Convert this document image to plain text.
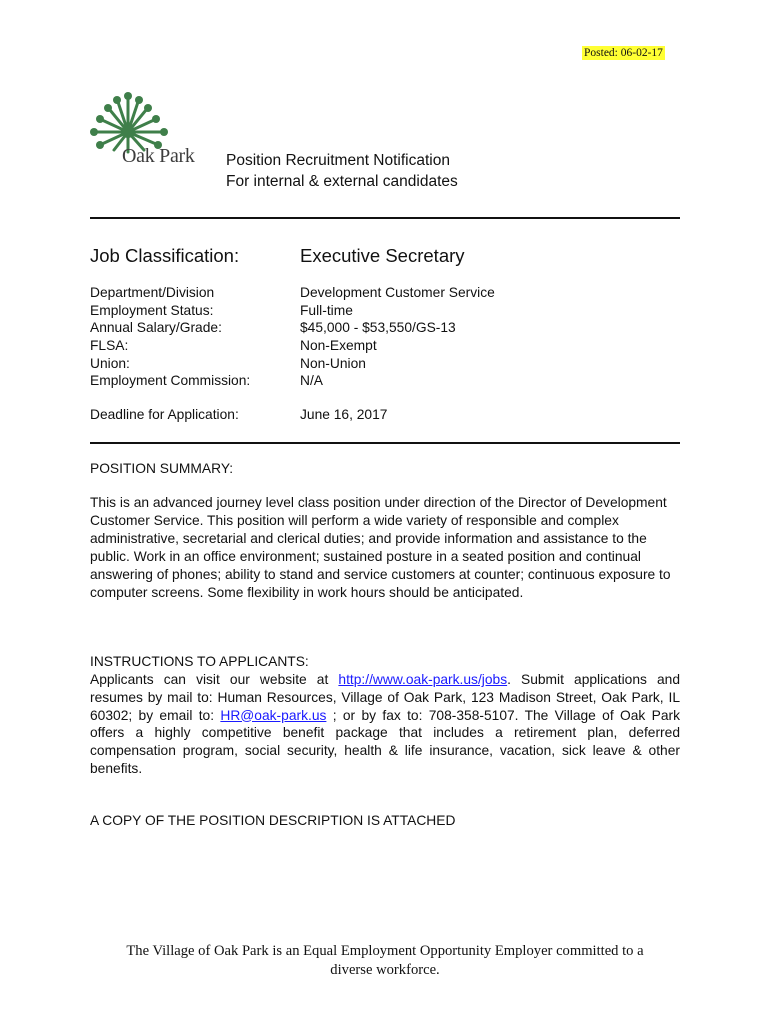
Posted: 06-02-17
Oak Park Position Recruitment Notification
For internal & external candidates
Job Classification:	Executive Secretary
Department/Division	Development Customer Service
Employment Status:	Full-time
Annual Salary/Grade:	$45,000 - $53,550/GS-13
FLSA:	Non-Exempt
Union:	Non-Union
Employment Commission:	N/A
Deadline for Application:	June 16, 2017
POSITION SUMMARY:
This is an advanced journey level class position under direction of the Director of Development Customer Service. This position will perform a wide variety of responsible and complex administrative, secretarial and clerical duties; and provide information and assistance to the public. Work in an office environment; sustained posture in a seated position and continual answering of phones; ability to stand and service customers at counter; continuous exposure to computer screens. Some flexibility in work hours should be anticipated.
INSTRUCTIONS TO APPLICANTS:
Applicants can visit our website at http://www.oak-park.us/jobs. Submit applications and resumes by mail to: Human Resources, Village of Oak Park, 123 Madison Street, Oak Park, IL 60302; by email to: HR@oak-park.us ; or by fax to: 708-358-5107. The Village of Oak Park offers a highly competitive benefit package that includes a retirement plan, deferred compensation program, social security, health & life insurance, vacation, sick leave & other benefits.
A COPY OF THE POSITION DESCRIPTION IS ATTACHED
The Village of Oak Park is an Equal Employment Opportunity Employer committed to a
diverse workforce.
